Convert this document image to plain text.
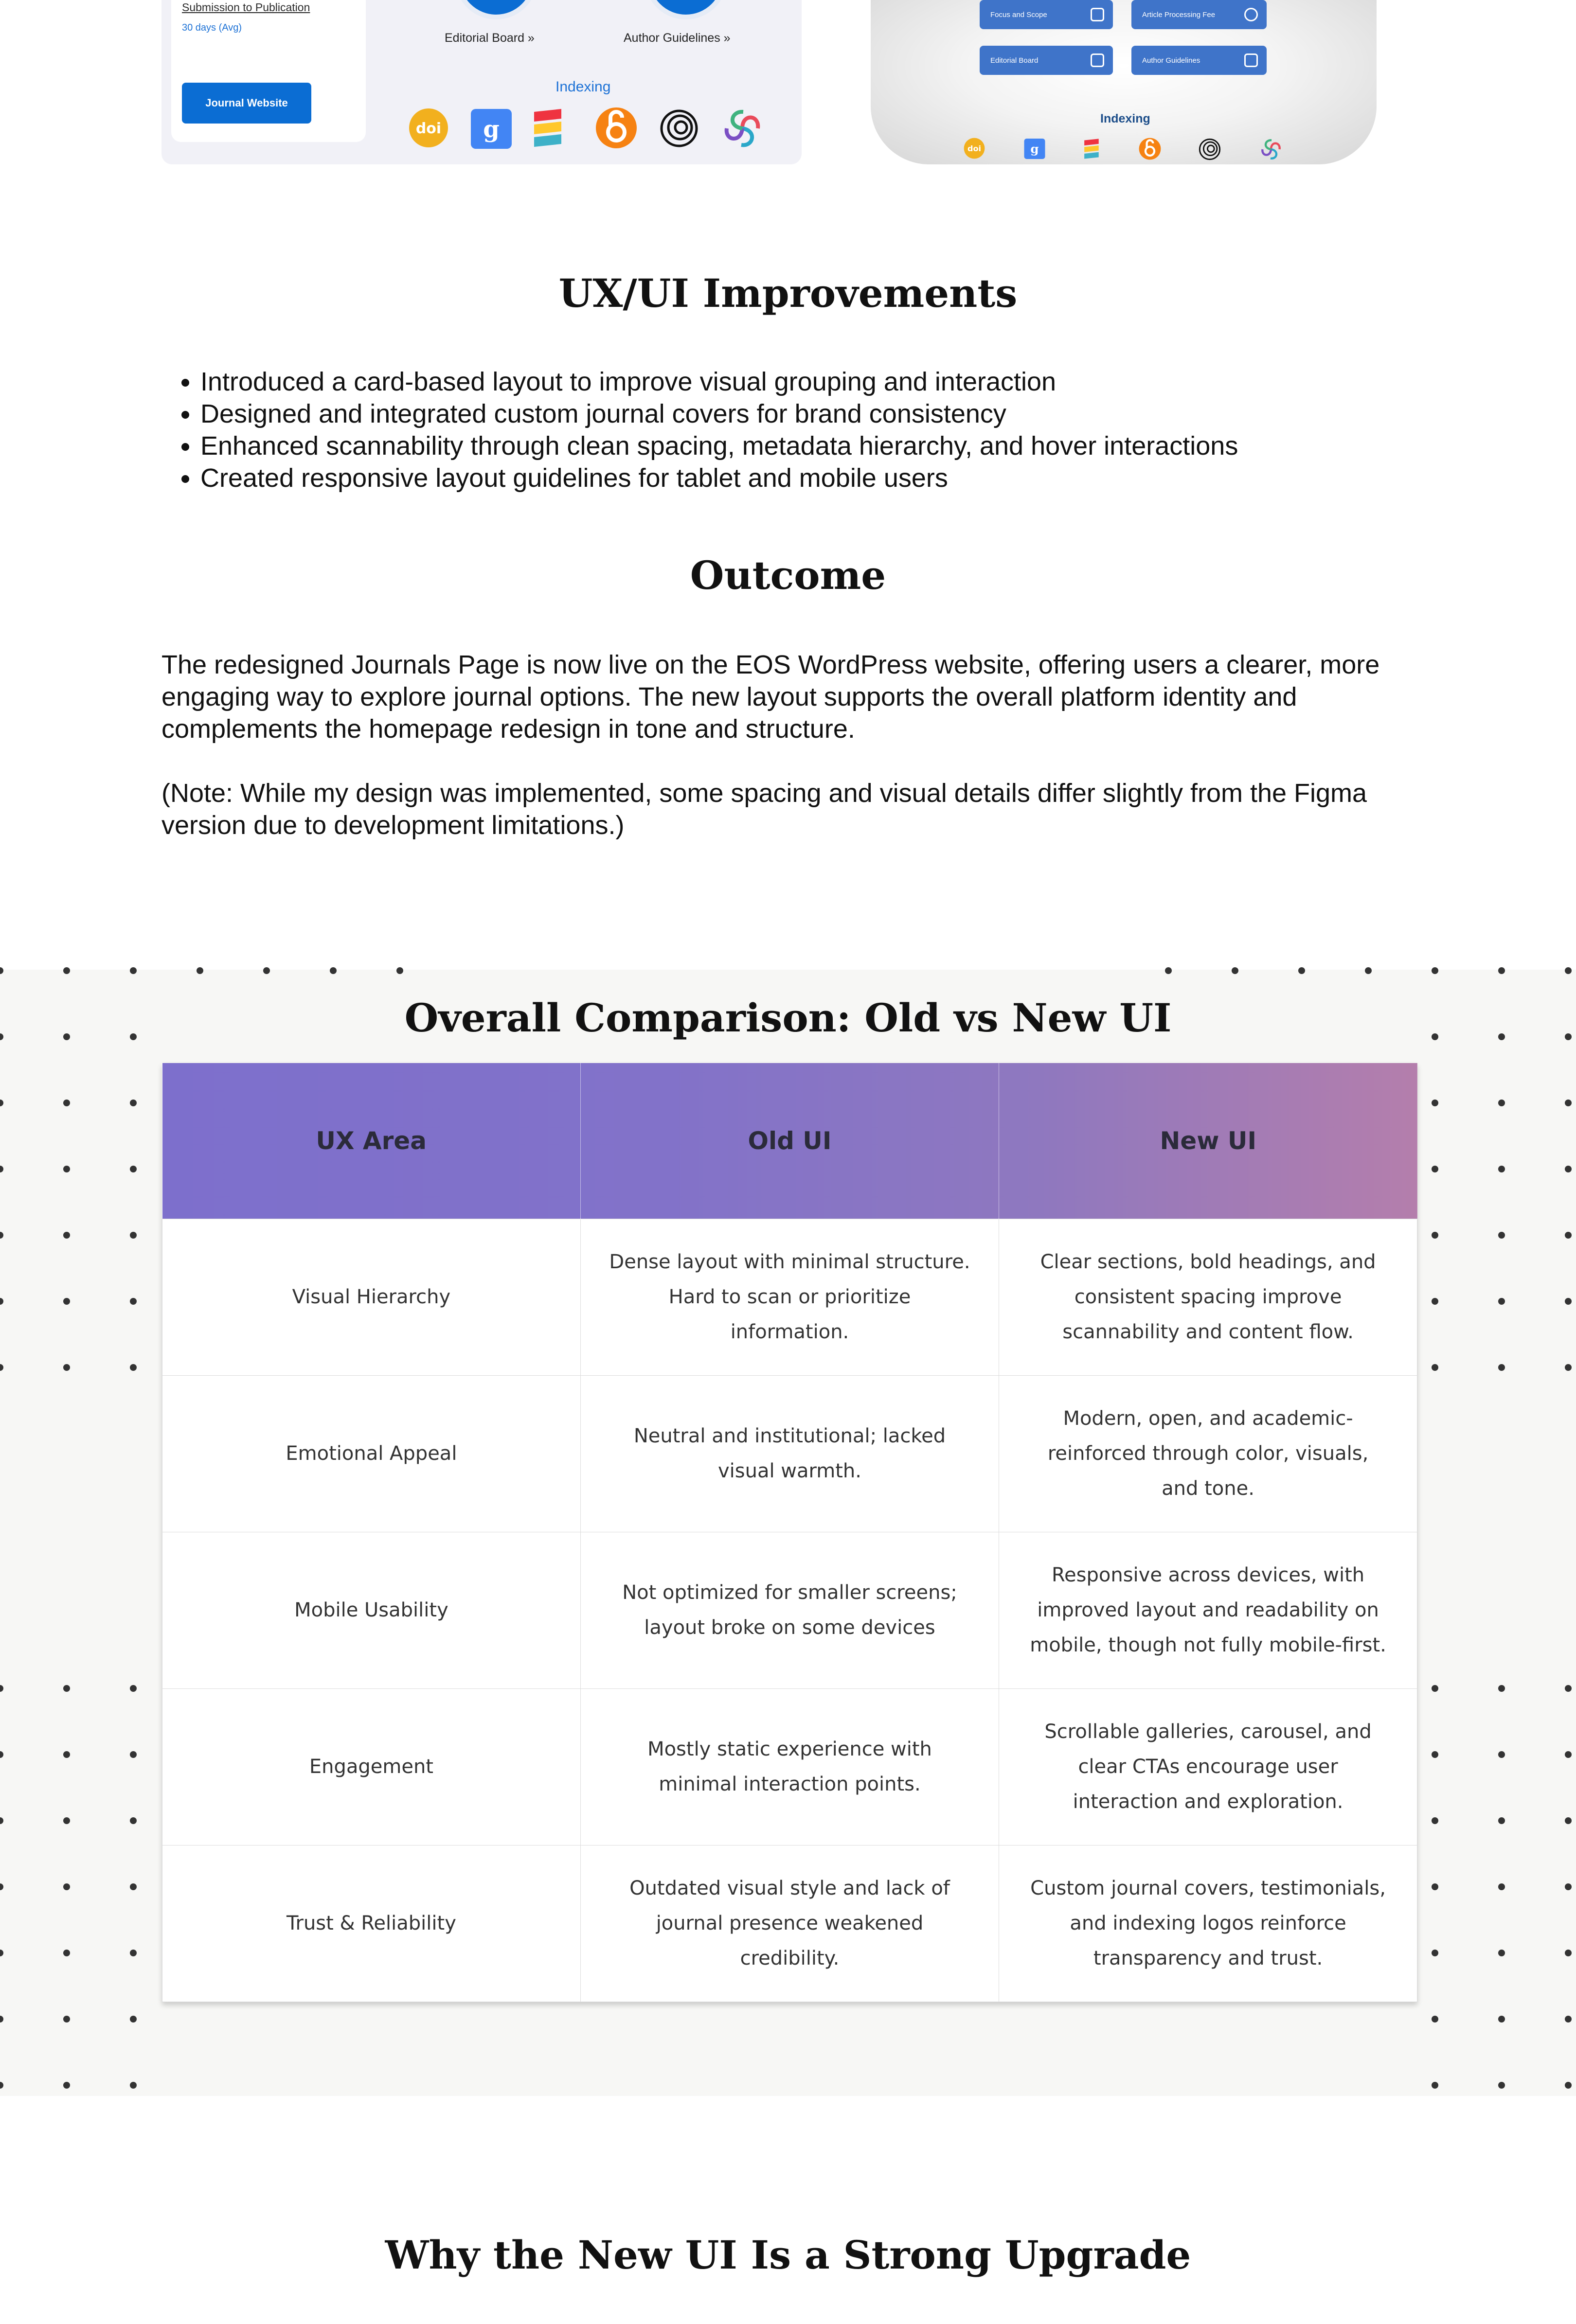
Submission to Publication
30 days (Avg)
Journal Website
Editorial Board »	Author Guidelines »
Indexing
doi g
Focus and Scope	Article Processing Fee
Editorial Board	Author Guidelines
Indexing
doi g
UX/UI Improvements
• Introduced a card-based layout to improve visual grouping and interaction
• Designed and integrated custom journal covers for brand consistency
• Enhanced scannability through clean spacing, metadata hierarchy, and hover interactions
• Created responsive layout guidelines for tablet and mobile users
Outcome

The redesigned Journals Page is now live on the EOS WordPress website, offering users a clearer, more engaging way to explore journal options. The new layout supports the overall platform identity and complements the homepage redesign in tone and structure.

(Note: While my design was implemented, some spacing and visual details differ slightly from the Figma version due to development limitations.)

Overall Comparison: Old vs New UI
UX Area	Old UI	New UI
Visual Hierarchy	Dense layout with minimal structure. Hard to scan or prioritize information.	Clear sections, bold headings, and consistent spacing improve scannability and content flow.
Emotional Appeal	Neutral and institutional; lacked visual warmth.	Modern, open, and academic-reinforced through color, visuals, and tone.
Mobile Usability	Not optimized for smaller screens; layout broke on some devices	Responsive across devices, with improved layout and readability on mobile, though not fully mobile-first.
Engagement	Mostly static experience with minimal interaction points.	Scrollable galleries, carousel, and clear CTAs encourage user interaction and exploration.
Trust & Reliability	Outdated visual style and lack of journal presence weakened credibility.	Custom journal covers, testimonials, and indexing logos reinforce transparency and trust.
Why the New UI Is a Strong Upgrade
